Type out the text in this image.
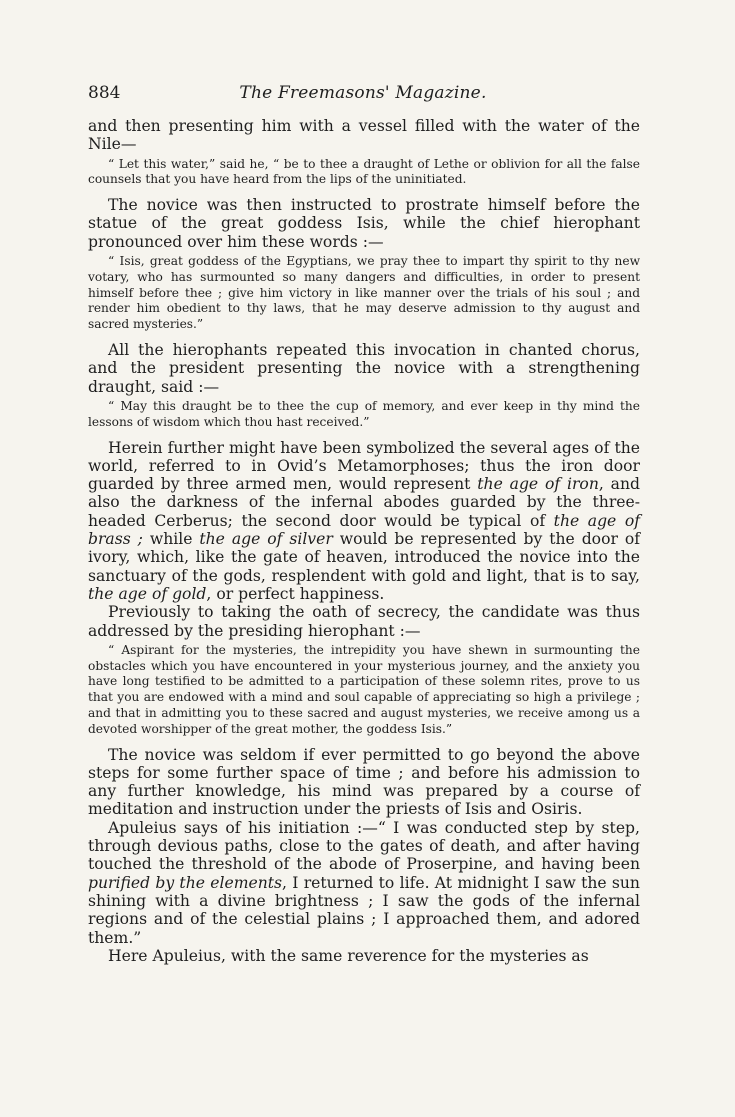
884	The Freemasons' Magazine.

and then presenting him with a vessel filled with the water of the Nile—

“ Let this water,” said he, “ be to thee a draught of Lethe or oblivion for all the false counsels that you have heard from the lips of the uninitiated.

The novice was then instructed to prostrate himself before the statue of the great goddess Isis, while the chief hierophant pronounced over him these words :—

“ Isis, great goddess of the Egyptians, we pray thee to impart thy spirit to thy new votary, who has surmounted so many dangers and difficulties, in order to present himself before thee ; give him victory in like manner over the trials of his soul ; and render him obedient to thy laws, that he may deserve admission to thy august and sacred mysteries.”

All the hierophants repeated this invocation in chanted chorus, and the president presenting the novice with a strengthening draught, said :—

“ May this draught be to thee the cup of memory, and ever keep in thy mind the lessons of wisdom which thou hast received.”

Herein further might have been symbolized the several ages of the world, referred to in Ovid’s Metamorphoses; thus the iron door guarded by three armed men, would represent the age of iron, and also the darkness of the infernal abodes guarded by the three-headed Cerberus; the second door would be typical of the age of brass ; while the age of silver would be represented by the door of ivory, which, like the gate of heaven, introduced the novice into the sanctuary of the gods, resplendent with gold and light, that is to say, the age of gold, or perfect happiness.

Previously to taking the oath of secrecy, the candidate was thus addressed by the presiding hierophant :—

“ Aspirant for the mysteries, the intrepidity you have shewn in surmounting the obstacles which you have encountered in your mysterious journey, and the anxiety you have long testified to be admitted to a participation of these solemn rites, prove to us that you are endowed with a mind and soul capable of appreciating so high a privilege ; and that in admitting you to these sacred and august mysteries, we receive among us a devoted worshipper of the great mother, the goddess Isis.”

The novice was seldom if ever permitted to go beyond the above steps for some further space of time ; and before his admission to any further knowledge, his mind was prepared by a course of meditation and instruction under the priests of Isis and Osiris.

Apuleius says of his initiation :—“ I was conducted step by step, through devious paths, close to the gates of death, and after having touched the threshold of the abode of Proserpine, and having been purified by the elements, I returned to life. At midnight I saw the sun shining with a divine brightness ; I saw the gods of the infernal regions and of the celestial plains ; I approached them, and adored them.”

Here Apuleius, with the same reverence for the mysteries as
